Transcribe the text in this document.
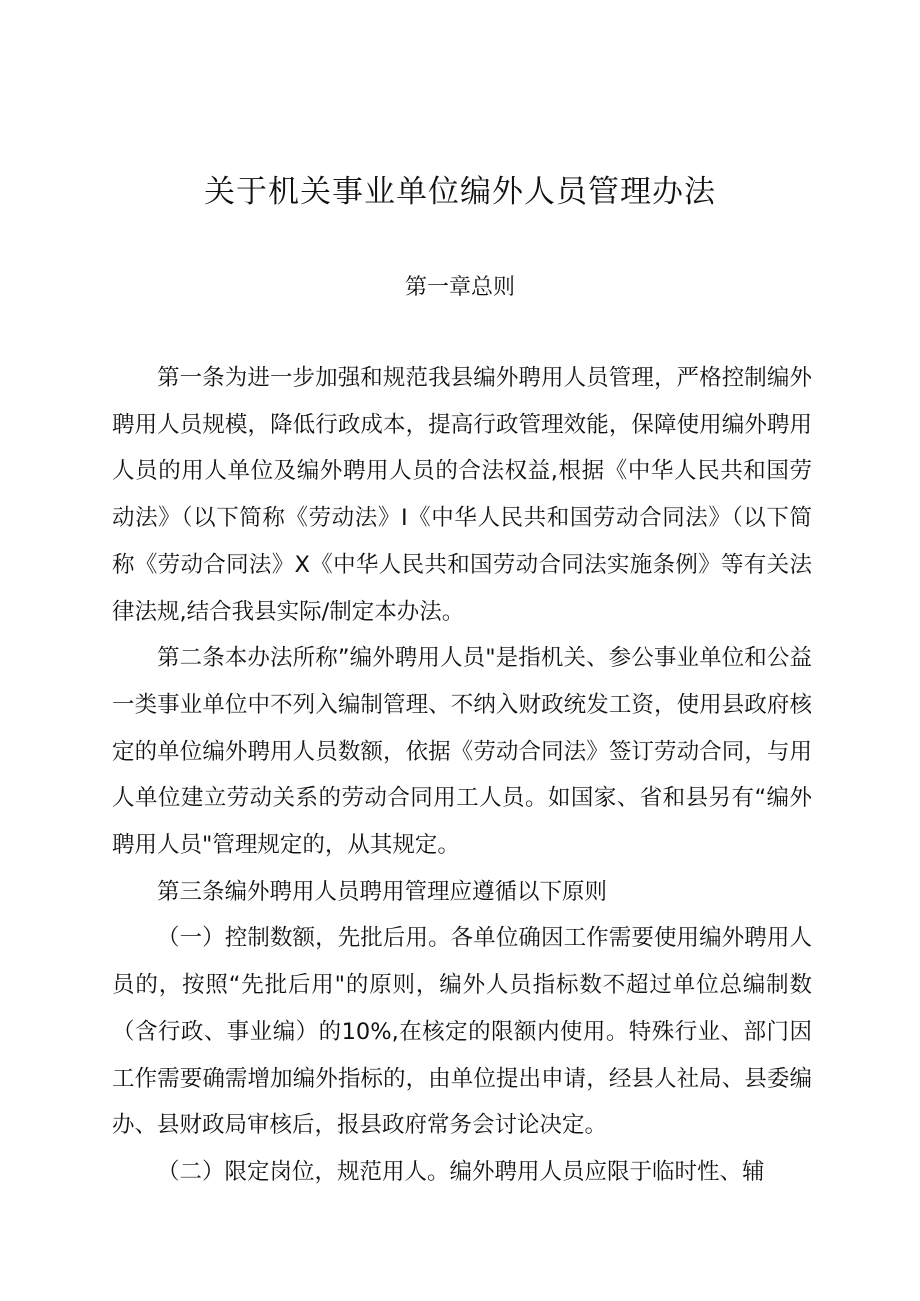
关于机关事业单位编外人员管理办法
第一章总则

第一条为进一步加强和规范我县编外聘用人员管理，严格控制编外聘用人员规模，降低行政成本，提高行政管理效能，保障使用编外聘用人员的用人单位及编外聘用人员的合法权益,根据《中华人民共和国劳动法》（以下简称《劳动法》I《中华人民共和国劳动合同法》（以下简称《劳动合同法》X《中华人民共和国劳动合同法实施条例》等有关法律法规,结合我县实际/制定本办法。

第二条本办法所称”编外聘用人员"是指机关、参公事业单位和公益一类事业单位中不列入编制管理、不纳入财政统发工资，使用县政府核定的单位编外聘用人员数额，依据《劳动合同法》签订劳动合同，与用人单位建立劳动关系的劳动合同用工人员。如国家、省和县另有“编外聘用人员"管理规定的，从其规定。

第三条编外聘用人员聘用管理应遵循以下原则

（一）控制数额，先批后用。各单位确因工作需要使用编外聘用人员的，按照“先批后用"的原则，编外人员指标数不超过单位总编制数（含行政、事业编）的10%,在核定的限额内使用。特殊行业、部门因工作需要确需增加编外指标的，由单位提出申请，经县人社局、县委编办、县财政局审核后，报县政府常务会讨论决定。

（二）限定岗位，规范用人。编外聘用人员应限于临时性、辅
